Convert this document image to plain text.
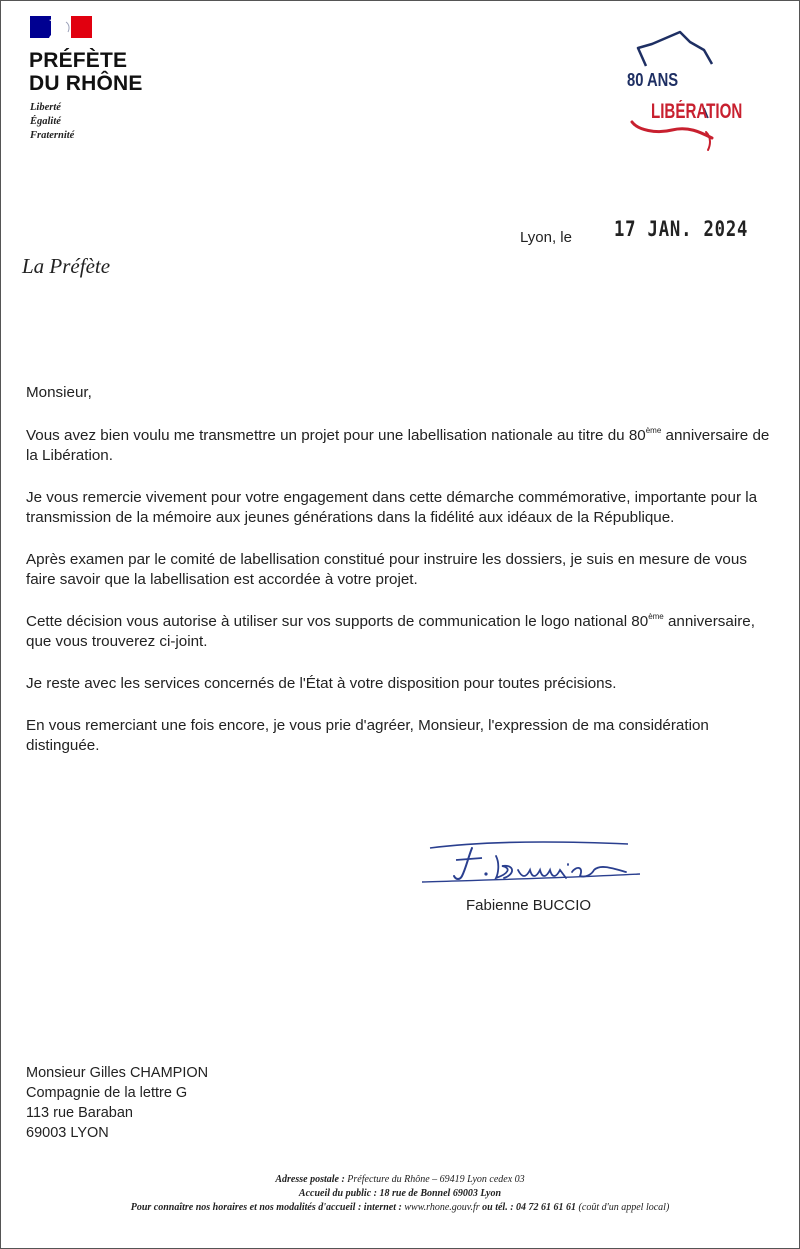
PRÉFÈTE
DU RHÔNE
Liberté
Égalité
Fraternité
80 ANS
LIBÉRATION
Lyon, le 17 JAN. 2024
La Préfète

Monsieur,

Vous avez bien voulu me transmettre un projet pour une labellisation nationale au titre du 80ème anniversaire de la Libération.

Je vous remercie vivement pour votre engagement dans cette démarche commémorative, importante pour la transmission de la mémoire aux jeunes générations dans la fidélité aux idéaux de la République.

Après examen par le comité de labellisation constitué pour instruire les dossiers, je suis en mesure de vous faire savoir que la labellisation est accordée à votre projet.

Cette décision vous autorise à utiliser sur vos supports de communication le logo national 80ème anniversaire, que vous trouverez ci-joint.

Je reste avec les services concernés de l'État à votre disposition pour toutes précisions.

En vous remerciant une fois encore, je vous prie d'agréer, Monsieur, l'expression de ma considération distinguée.

Fabienne BUCCIO
Monsieur Gilles CHAMPION
Compagnie de la lettre G
113 rue Baraban
69003 LYON
Adresse postale : Préfecture du Rhône – 69419 Lyon cedex 03
Accueil du public : 18 rue de Bonnel 69003 Lyon
Pour connaître nos horaires et nos modalités d'accueil : internet : www.rhone.gouv.fr ou tél. : 04 72 61 61 61 (coût d'un appel local)
